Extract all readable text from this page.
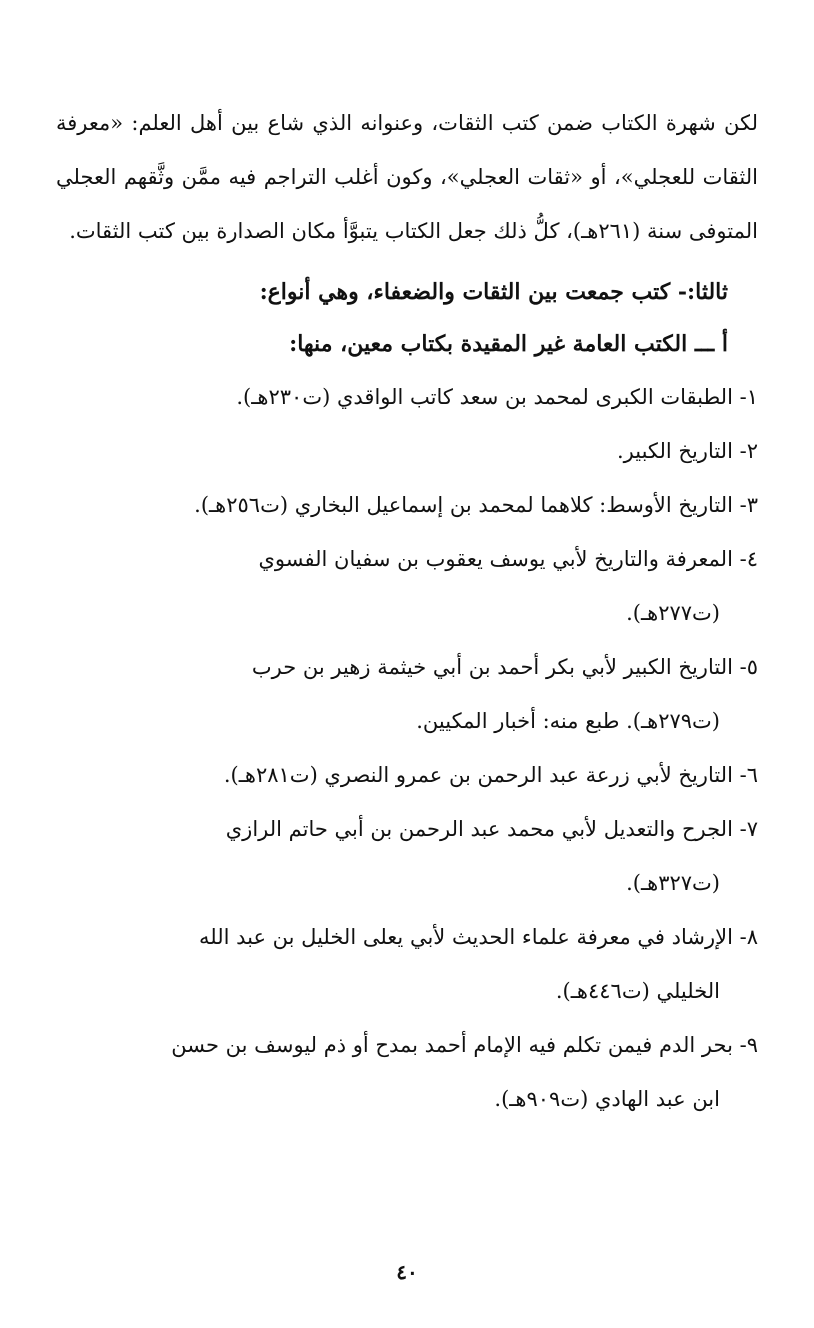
لكن شهرة الكتاب ضمن كتب الثقات، وعنوانه الذي شاع بين أهل العلم: «معرفة الثقات للعجلي»، أو «ثقات العجلي»، وكون أغلب التراجم فيه ممَّن وثَّقهم العجلي المتوفى سنة (٢٦١هـ)، كلُّ ذلك جعل الكتاب يتبوَّأ مكان الصدارة بين كتب الثقات.

ثالثا:- كتب جمعت بين الثقات والضعفاء، وهي أنواع:

أ ـــ الكتب العامة غير المقيدة بكتاب معين، منها:

١- الطبقات الكبرى لمحمد بن سعد كاتب الواقدي (ت٢٣٠هـ).
٢- التاريخ الكبير.
٣- التاريخ الأوسط: كلاهما لمحمد بن إسماعيل البخاري (ت٢٥٦هـ).
٤- المعرفة والتاريخ لأبي يوسف يعقوب بن سفيان الفسوي
(ت٢٧٧هـ).
٥- التاريخ الكبير لأبي بكر أحمد بن أبي خيثمة زهير بن حرب
(ت٢٧٩هـ). طبع منه: أخبار المكيين.
٦- التاريخ لأبي زرعة عبد الرحمن بن عمرو النصري (ت٢٨١هـ).
٧- الجرح والتعديل لأبي محمد عبد الرحمن بن أبي حاتم الرازي
(ت٣٢٧هـ).
٨- الإرشاد في معرفة علماء الحديث لأبي يعلى الخليل بن عبد الله
الخليلي (ت٤٤٦هـ).
٩- بحر الدم فيمن تكلم فيه الإمام أحمد بمدح أو ذم ليوسف بن حسن
ابن عبد الهادي (ت٩٠٩هـ).
٤٠
